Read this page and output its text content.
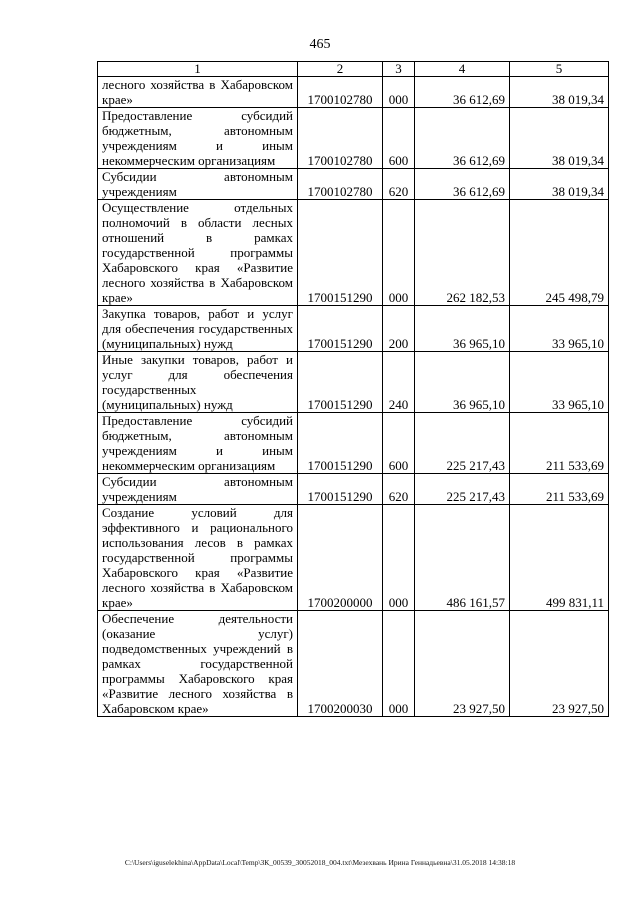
465
1	2	3	4	5
лесного хозяйства в Хабаровском крае»	1700102780	000	36 612,69	38 019,34
Предоставление субсидий бюджетным, автономным учреждениям и иным некоммерческим организациям	1700102780	600	36 612,69	38 019,34
Субсидии автономным учреждениям	1700102780	620	36 612,69	38 019,34
Осуществление отдельных полномочий в области лесных отношений в рамках государственной программы Хабаровского края «Развитие лесного хозяйства в Хабаровском крае»	1700151290	000	262 182,53	245 498,79
Закупка товаров, работ и услуг для обеспечения государственных (муниципальных) нужд	1700151290	200	36 965,10	33 965,10
Иные закупки товаров, работ и услуг для обеспечения государственных (муниципальных) нужд	1700151290	240	36 965,10	33 965,10
Предоставление субсидий бюджетным, автономным учреждениям и иным некоммерческим организациям	1700151290	600	225 217,43	211 533,69
Субсидии автономным учреждениям	1700151290	620	225 217,43	211 533,69
Создание условий для эффективного и рационального использования лесов в рамках государственной программы Хабаровского края «Развитие лесного хозяйства в Хабаровском крае»	1700200000	000	486 161,57	499 831,11
Обеспечение деятельности (оказание услуг) подведомственных учреждений в рамках государственной программы Хабаровского края «Развитие лесного хозяйства в Хабаровском крае»	1700200030	000	23 927,50	23 927,50
C:\Users\iguselekhina\AppData\Local\Temp\ЗК_00539_30052018_004.txt\Мезехвань Ирина Геннадьевна\31.05.2018 14:38:18
